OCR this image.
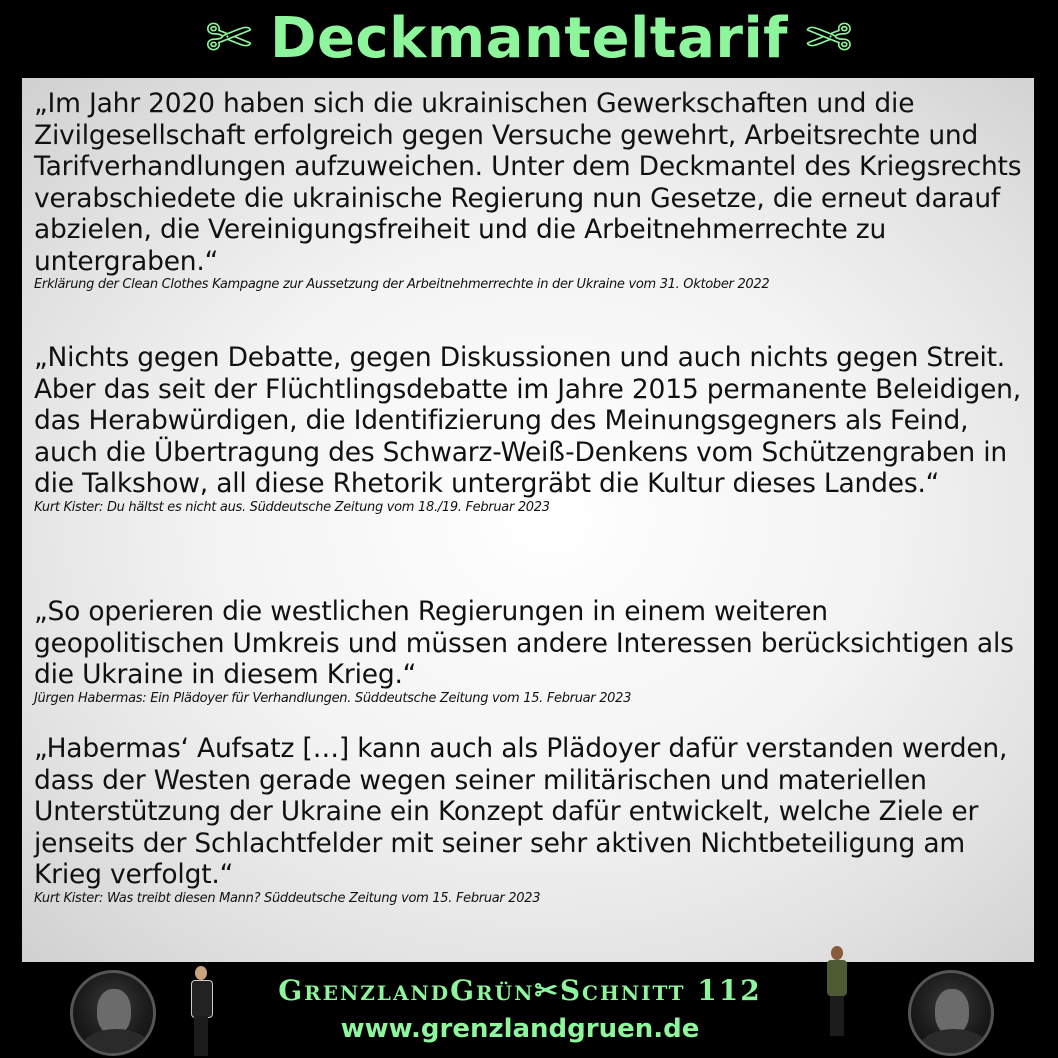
✄ Deckmanteltarif ✄

„Im Jahr 2020 haben sich die ukrainischen Gewerkschaften und die Zivilgesellschaft erfolgreich gegen Versuche gewehrt, Arbeitsrechte und Tarifverhandlungen aufzuweichen. Unter dem Deckmantel des Kriegsrechts verabschiedete die ukrainische Regierung nun Gesetze, die erneut darauf abzielen, die Vereinigungsfreiheit und die Arbeitnehmerrechte zu untergraben.“

Erklärung der Clean Clothes Kampagne zur Aussetzung der Arbeitnehmerrechte in der Ukraine vom 31. Oktober 2022

„Nichts gegen Debatte, gegen Diskussionen und auch nichts gegen Streit. Aber das seit der Flüchtlingsdebatte im Jahre 2015 permanente Beleidigen, das Herabwürdigen, die Identifizierung des Meinungsgegners als Feind, auch die Übertragung des Schwarz-Weiß-Denkens vom Schützengraben in die Talkshow, all diese Rhetorik untergräbt die Kultur dieses Landes.“

Kurt Kister: Du hältst es nicht aus. Süddeutsche Zeitung vom 18./19. Februar 2023

„So operieren die westlichen Regierungen in einem weiteren geopolitischen Umkreis und müssen andere Interessen berücksichtigen als die Ukraine in diesem Krieg.“

Jürgen Habermas: Ein Plädoyer für Verhandlungen. Süddeutsche Zeitung vom 15. Februar 2023

„Habermas‘ Aufsatz […] kann auch als Plädoyer dafür verstanden werden, dass der Westen gerade wegen seiner militärischen und materiellen Unterstützung der Ukraine ein Konzept dafür entwickelt, welche Ziele er jenseits der Schlachtfelder mit seiner sehr aktiven Nichtbeteiligung am Krieg verfolgt.“

Kurt Kister: Was treibt diesen Mann? Süddeutsche Zeitung vom 15. Februar 2023

GrenzlandGrün✂Schnitt 112
www.grenzlandgruen.de
